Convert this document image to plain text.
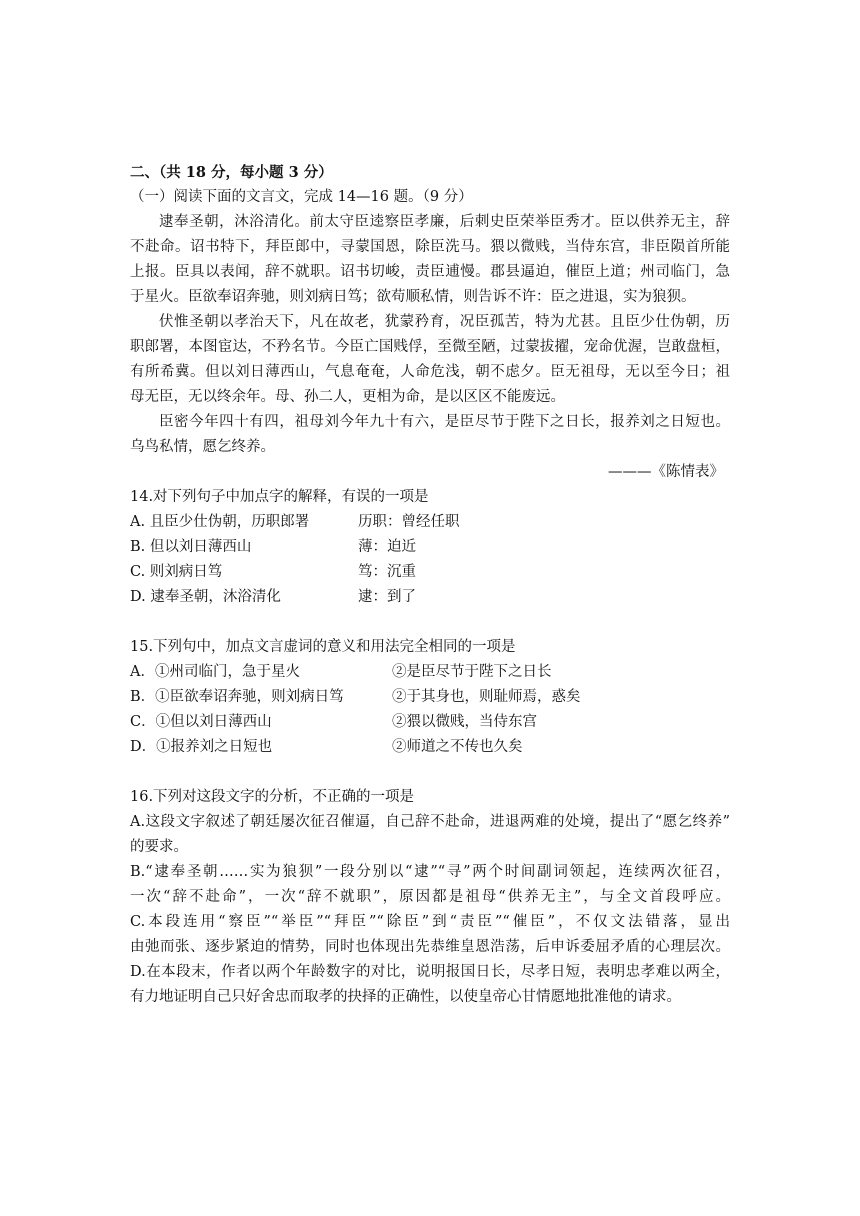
二、（共 18 分，每小题 3 分）
（一）阅读下面的文言文，完成 14—16 题。（9 分）
逮奉圣朝，沐浴清化。前太守臣逵察臣孝廉，后刺史臣荣举臣秀才。臣以供养无主，辞
不赴命。诏书特下，拜臣郎中，寻蒙国恩，除臣洗马。猥以微贱，当侍东宫，非臣陨首所能
上报。臣具以表闻，辞不就职。诏书切峻，责臣逋慢。郡县逼迫，催臣上道；州司临门，急
于星火。臣欲奉诏奔驰，则刘病日笃；欲苟顺私情，则告诉不许：臣之进退，实为狼狈。
伏惟圣朝以孝治天下，凡在故老，犹蒙矜育，况臣孤苦，特为尤甚。且臣少仕伪朝，历
职郎署，本图宦达，不矜名节。今臣亡国贱俘，至微至陋，过蒙拔擢，宠命优渥，岂敢盘桓，
有所希冀。但以刘日薄西山，气息奄奄，人命危浅，朝不虑夕。臣无祖母，无以至今日；祖
母无臣，无以终余年。母、孙二人，更相为命，是以区区不能废远。
臣密今年四十有四，祖母刘今年九十有六，是臣尽节于陛下之日长，报养刘之日短也。
乌鸟私情，愿乞终养。
———《陈情表》
14.对下列句子中加点字的解释，有误的一项是
A. 且臣少仕伪朝，历职郎署	历职：曾经任职
B. 但以刘日薄西山	薄：迫近
C. 则刘病日笃	笃：沉重
D. 逮奉圣朝，沐浴清化	逮：到了
15.下列句中，加点文言虚词的意义和用法完全相同的一项是
A．①州司临门，急于星火	②是臣尽节于陛下之日长
B．①臣欲奉诏奔驰，则刘病日笃	②于其身也，则耻师焉，惑矣
C．①但以刘日薄西山	②猥以微贱，当侍东宫
D．①报养刘之日短也	②师道之不传也久矣
16.下列对这段文字的分析，不正确的一项是
A.这段文字叙述了朝廷屡次征召催逼，自己辞不赴命，进退两难的处境，提出了“愿乞终养”
的要求。
B.“逮奉圣朝……实为狼狈”一段分别以“逮”“寻”两个时间副词领起，连续两次征召，
一次“辞不赴命”，一次“辞不就职”，原因都是祖母“供养无主”，与全文首段呼应。
C.本段连用“察臣”“举臣”“拜臣”“除臣”到“责臣”“催臣”，不仅文法错落，显出
由弛而张、逐步紧迫的情势，同时也体现出先恭维皇恩浩荡，后申诉委屈矛盾的心理层次。
D.在本段末，作者以两个年龄数字的对比，说明报国日长，尽孝日短，表明忠孝难以两全，
有力地证明自己只好舍忠而取孝的抉择的正确性，以使皇帝心甘情愿地批准他的请求。
